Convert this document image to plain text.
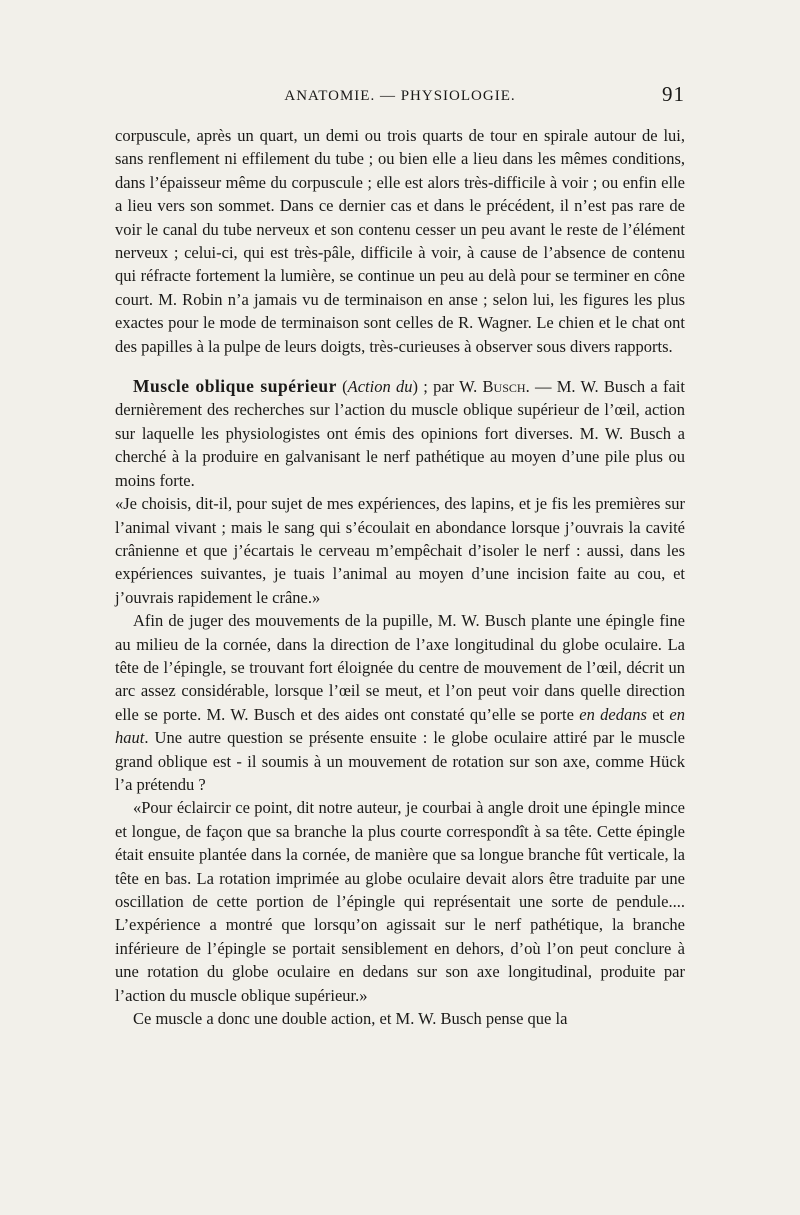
ANATOMIE. — PHYSIOLOGIE.	91

corpuscule, après un quart, un demi ou trois quarts de tour en spirale autour de lui, sans renflement ni effilement du tube ; ou bien elle a lieu dans les mêmes conditions, dans l’épaisseur même du corpuscule ; elle est alors très-difficile à voir ; ou enfin elle a lieu vers son sommet. Dans ce dernier cas et dans le précédent, il n’est pas rare de voir le canal du tube nerveux et son contenu cesser un peu avant le reste de l’élément nerveux ; celui-ci, qui est très-pâle, difficile à voir, à cause de l’absence de contenu qui réfracte fortement la lumière, se continue un peu au delà pour se terminer en cône court. M. Robin n’a jamais vu de terminaison en anse ; selon lui, les figures les plus exactes pour le mode de terminaison sont celles de R. Wagner. Le chien et le chat ont des papilles à la pulpe de leurs doigts, très-curieuses à observer sous divers rapports.

Muscle oblique supérieur (Action du) ; par W. Busch. — M. W. Busch a fait dernièrement des recherches sur l’action du muscle oblique supérieur de l’œil, action sur laquelle les physiologistes ont émis des opinions fort diverses. M. W. Busch a cherché à la produire en galvanisant le nerf pathétique au moyen d’une pile plus ou moins forte.

«Je choisis, dit-il, pour sujet de mes expériences, des lapins, et je fis les premières sur l’animal vivant ; mais le sang qui s’écoulait en abondance lorsque j’ouvrais la cavité crânienne et que j’écartais le cerveau m’empêchait d’isoler le nerf : aussi, dans les expériences suivantes, je tuais l’animal au moyen d’une incision faite au cou, et j’ouvrais rapidement le crâne.»

Afin de juger des mouvements de la pupille, M. W. Busch plante une épingle fine au milieu de la cornée, dans la direction de l’axe longitudinal du globe oculaire. La tête de l’épingle, se trouvant fort éloignée du centre de mouvement de l’œil, décrit un arc assez considérable, lorsque l’œil se meut, et l’on peut voir dans quelle direction elle se porte. M. W. Busch et des aides ont constaté qu’elle se porte en dedans et en haut. Une autre question se présente ensuite : le globe oculaire attiré par le muscle grand oblique est - il soumis à un mouvement de rotation sur son axe, comme Hück l’a prétendu ?

«Pour éclaircir ce point, dit notre auteur, je courbai à angle droit une épingle mince et longue, de façon que sa branche la plus courte correspondît à sa tête. Cette épingle était ensuite plantée dans la cornée, de manière que sa longue branche fût verticale, la tête en bas. La rotation imprimée au globe oculaire devait alors être traduite par une oscillation de cette portion de l’épingle qui représentait une sorte de pendule.... L’expérience a montré que lorsqu’on agissait sur le nerf pathétique, la branche inférieure de l’épingle se portait sensiblement en dehors, d’où l’on peut conclure à une rotation du globe oculaire en dedans sur son axe longitudinal, produite par l’action du muscle oblique supérieur.»

Ce muscle a donc une double action, et M. W. Busch pense que la
